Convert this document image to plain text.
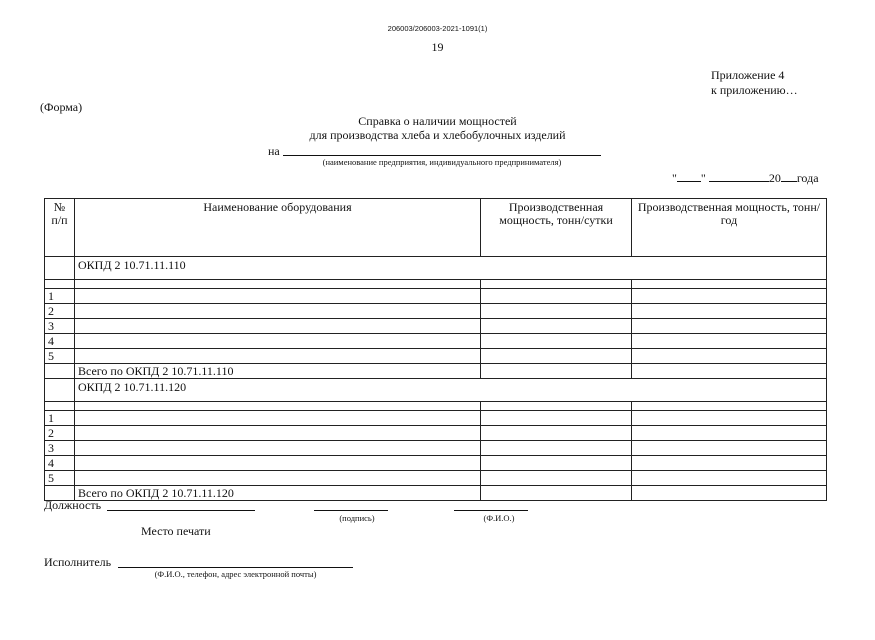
206003/206003-2021-1091(1)
19
Приложение 4
к приложению…
(Форма)
Справка о наличии мощностей
для производства хлеба и хлебобулочных изделий
на
(наименование предприятия, индивидуального предпринимателя)
" "	20 года
№ п/п	Наименование оборудования	Производственная мощность, тонн/сутки	Производственная мощность, тонн/год
	ОКПД 2 10.71.11.110		

1			
2			
3			
4			
5			
	Всего по ОКПД 2 10.71.11.110		
	ОКПД 2 10.71.11.120		

1			
2			
3			
4			
5			
	Всего по ОКПД 2 10.71.11.120		
Должность
(подпись)	(Ф.И.О.)
Место печати
Исполнитель
(Ф.И.О., телефон, адрес электронной почты)
